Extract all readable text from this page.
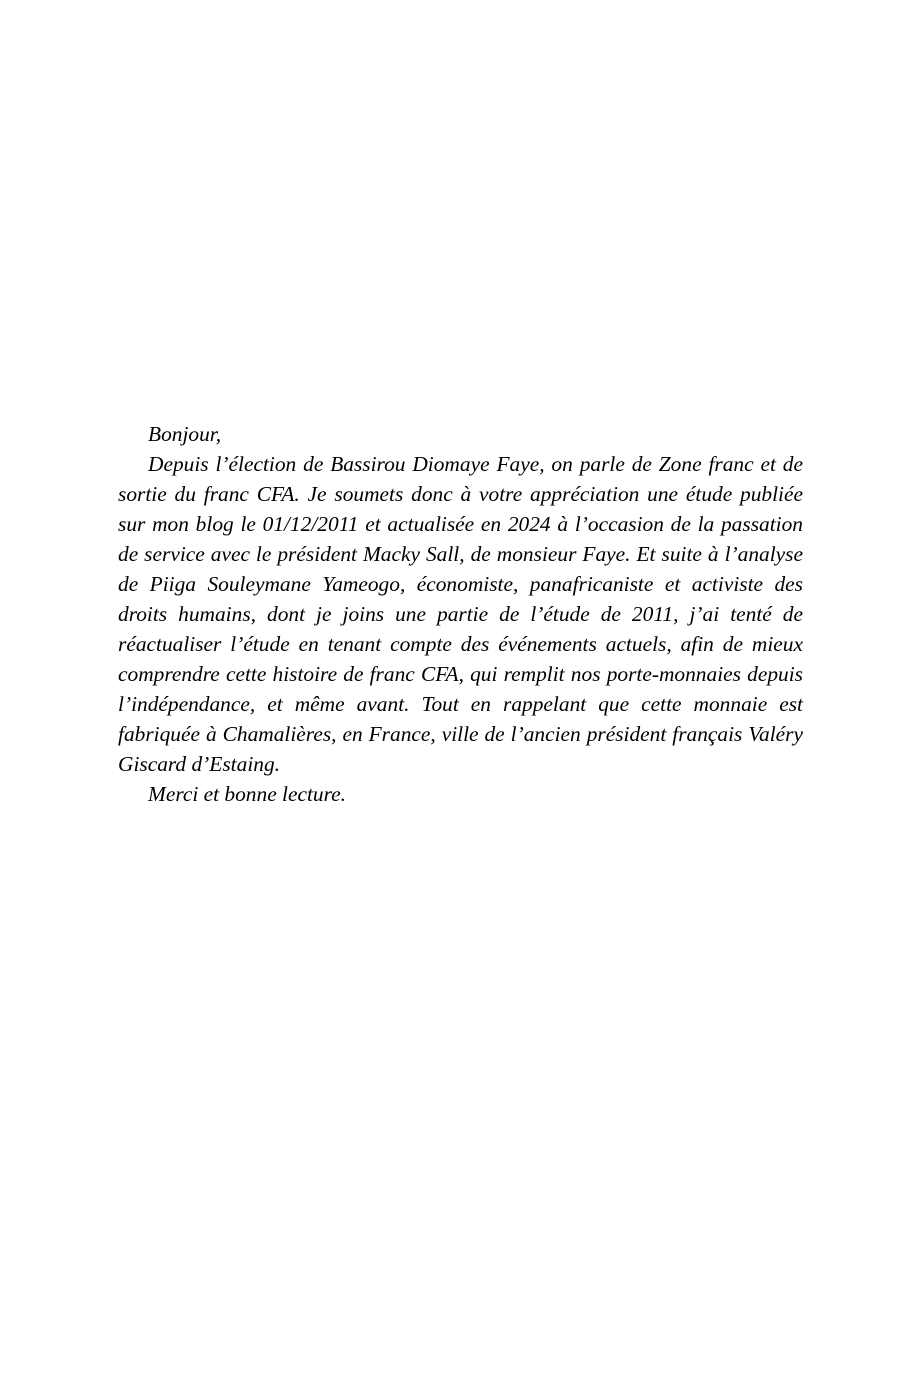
Bonjour,

Depuis l’élection de Bassirou Diomaye Faye, on parle de Zone franc et de sortie du franc CFA. Je soumets donc à votre appréciation une étude publiée sur mon blog le 01/12/2011 et actualisée en 2024 à l’occasion de la passation de service avec le président Macky Sall, de monsieur Faye. Et suite à l’analyse de Piiga Souleymane Yameogo, économiste, panafricaniste et activiste des droits humains, dont je joins une partie de l’étude de 2011, j’ai tenté de réactualiser l’étude en tenant compte des événements actuels, afin de mieux comprendre cette histoire de franc CFA, qui remplit nos porte-monnaies depuis l’indépendance, et même avant. Tout en rappelant que cette monnaie est fabriquée à Chamalières, en France, ville de l’ancien président français Valéry Giscard d’Estaing.

Merci et bonne lecture.
